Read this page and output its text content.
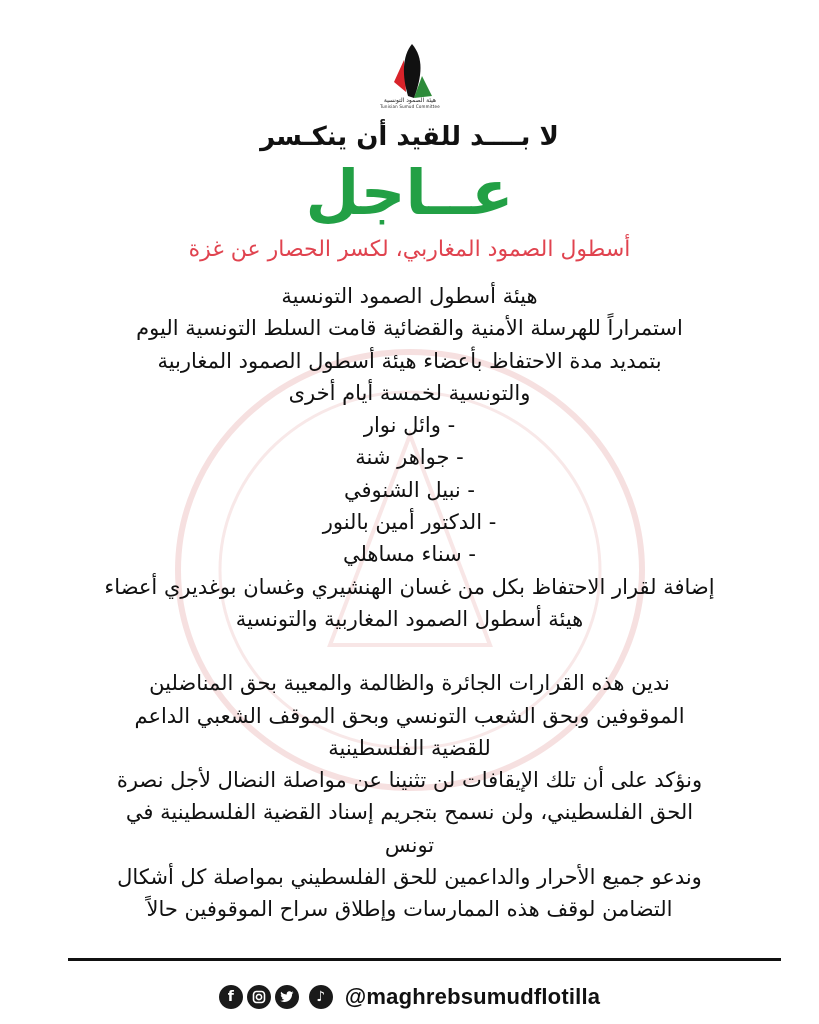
هيئة الصمود التونسية
Tunisian Sumud Committee
لا بــــد للقيد أن ينكـسر
عــاجل
أسطول الصمود المغاربي، لكسر الحصار عن غزة
هيئة أسطول الصمود التونسية
استمراراً للهرسلة الأمنية والقضائية قامت السلط التونسية اليوم
بتمديد مدة الاحتفاظ بأعضاء هيئة أسطول الصمود المغاربية
والتونسية لخمسة أيام أخرى
- وائل نوار
- جواهر شنة
- نبيل الشنوفي
- الدكتور أمين بالنور
- سناء مساهلي
إضافة لقرار الاحتفاظ بكل من غسان الهنشيري وغسان بوغديري أعضاء
هيئة أسطول الصمود المغاربية والتونسية
ندين هذه القرارات الجائرة والظالمة والمعيبة بحق المناضلين
الموقوفين وبحق الشعب التونسي وبحق الموقف الشعبي الداعم
للقضية الفلسطينية
ونؤكد على أن تلك الإيقافات لن تثنينا عن مواصلة النضال لأجل نصرة
الحق الفلسطيني، ولن نسمح بتجريم إسناد القضية الفلسطينية في
تونس
وندعو جميع الأحرار والداعمين للحق الفلسطيني بمواصلة كل أشكال
التضامن لوقف هذه الممارسات وإطلاق سراح الموقوفين حالاً
f	♪ @maghrebsumudflotilla
